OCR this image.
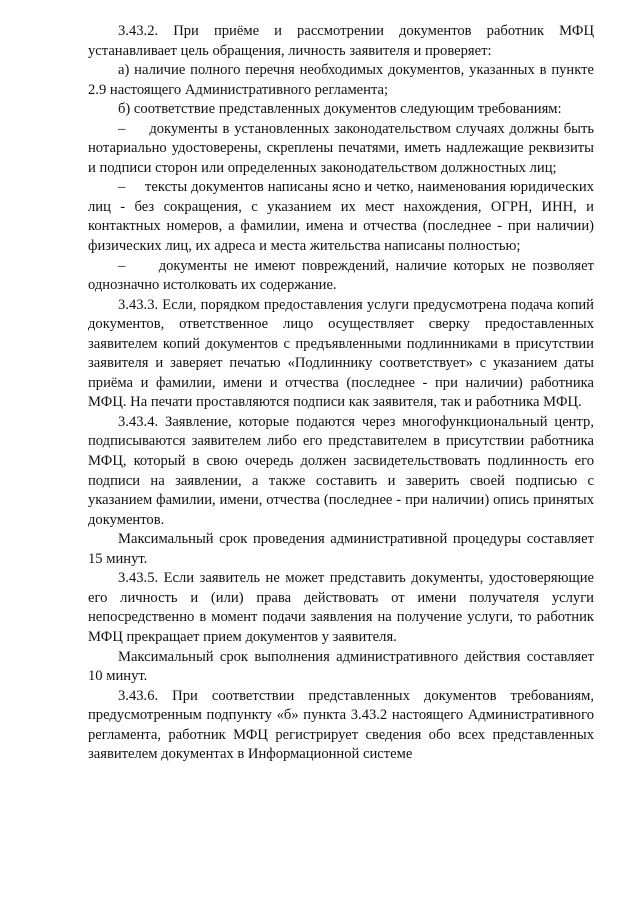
3.43.2. При приёме и рассмотрении документов работник МФЦ устанавливает цель обращения, личность заявителя и проверяет:

а) наличие полного перечня необходимых документов, указанных в пункте 2.9 настоящего Административного регламента;

б) соответствие представленных документов следующим требованиям:

–     документы в установленных законодательством случаях должны быть нотариально удостоверены, скреплены печатями, иметь надлежащие реквизиты и подписи сторон или определенных законодательством должностных лиц;

–     тексты документов написаны ясно и четко, наименования юридических лиц - без сокращения, с указанием их мест нахождения, ОГРН, ИНН, и контактных номеров, а фамилии, имена и отчества (последнее - при наличии) физических лиц, их адреса и места жительства написаны полностью;

–     документы не имеют повреждений, наличие которых не позволяет однозначно истолковать их содержание.

3.43.3. Если, порядком предоставления услуги предусмотрена подача копий документов, ответственное лицо осуществляет сверку предоставленных заявителем копий документов с предъявленными подлинниками в присутствии заявителя и заверяет печатью «Подлиннику соответствует» с указанием даты приёма и фамилии, имени и отчества (последнее - при наличии) работника МФЦ. На печати проставляются подписи как заявителя, так и работника МФЦ.

3.43.4. Заявление, которые подаются через многофункциональный центр, подписываются заявителем либо его представителем в присутствии работника МФЦ, который в свою очередь должен засвидетельствовать подлинность его подписи на заявлении, а также составить и заверить своей подписью с указанием фамилии, имени, отчества (последнее - при наличии) опись принятых документов.

Максимальный срок проведения административной процедуры составляет 15 минут.

3.43.5. Если заявитель не может представить документы, удостоверяющие его личность и (или) права действовать от имени получателя услуги непосредственно в момент подачи заявления на получение услуги, то работник МФЦ прекращает прием документов у заявителя.

Максимальный срок выполнения административного действия составляет 10 минут.

3.43.6. При соответствии представленных документов требованиям, предусмотренным подпункту «б» пункта 3.43.2 настоящего Административного регламента, работник МФЦ регистрирует сведения обо всех представленных заявителем документах в Информационной системе
